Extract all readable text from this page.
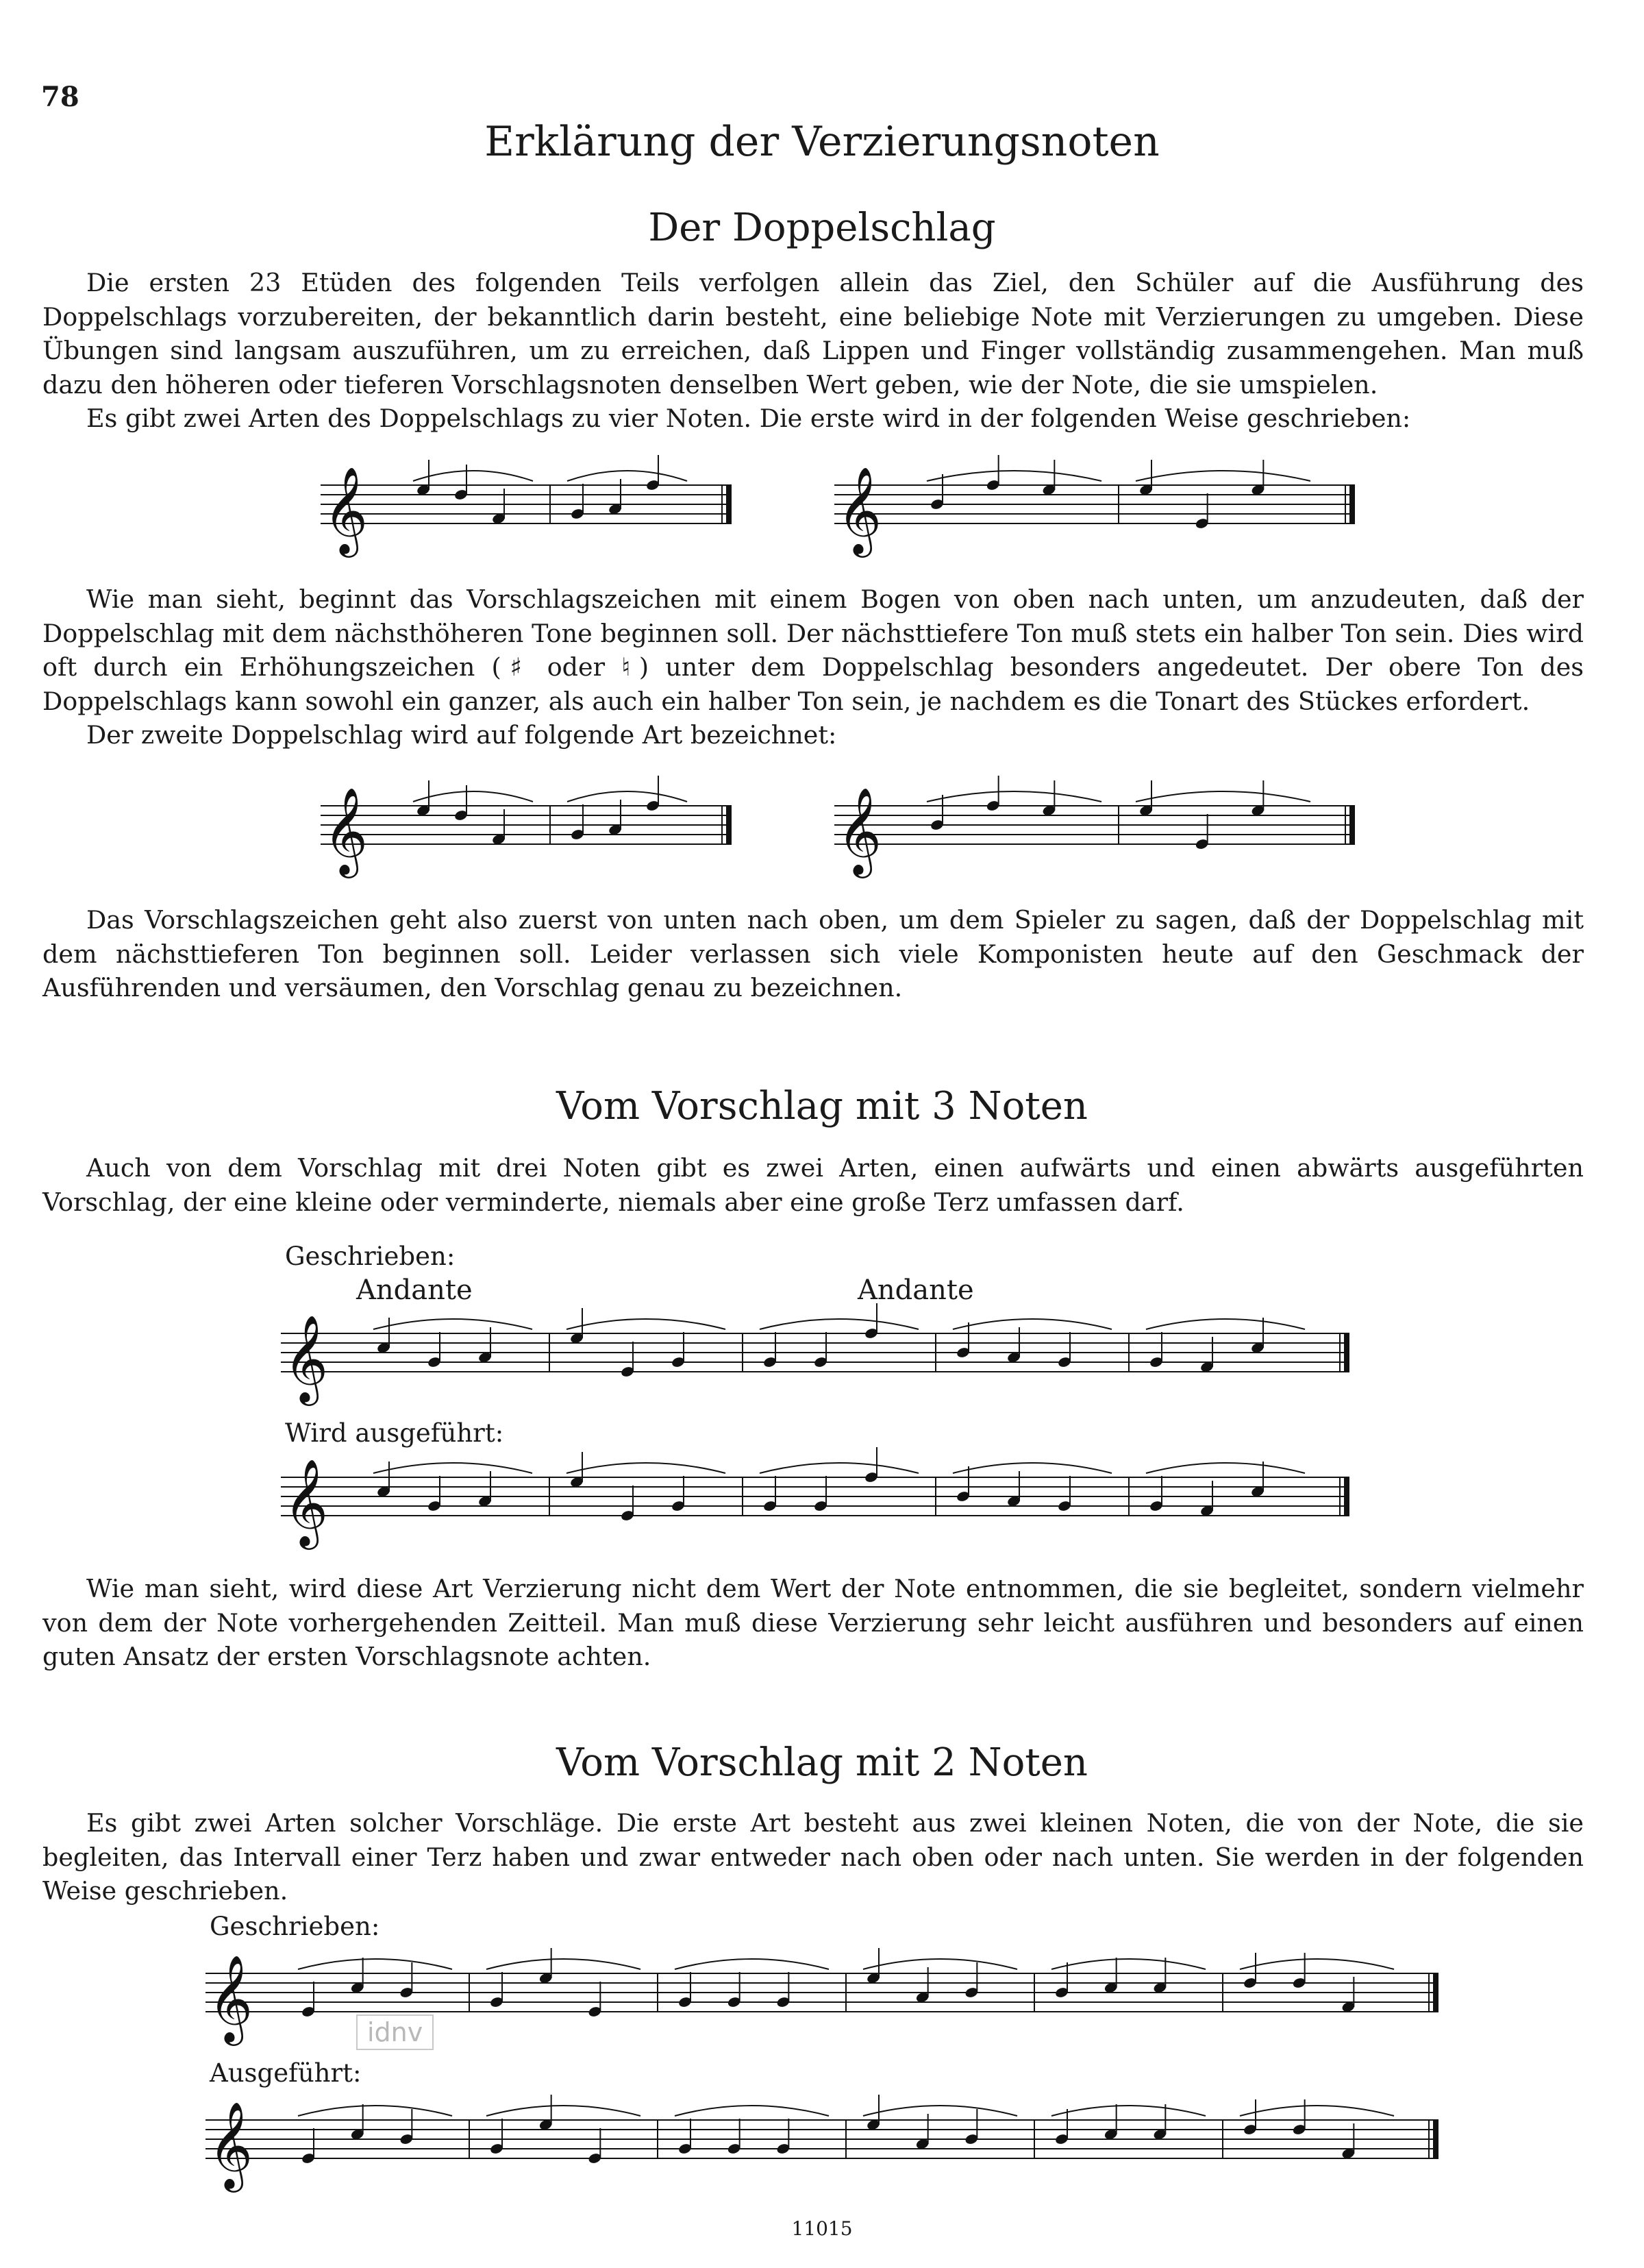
78
Erklärung der Verzierungsnoten
Der Doppelschlag

Die ersten 23 Etüden des folgenden Teils verfolgen allein das Ziel, den Schüler auf die Ausführung des Doppelschlags vorzubereiten, der bekanntlich darin besteht, eine beliebige Note mit Verzierungen zu umgeben. Diese Übungen sind langsam auszuführen, um zu erreichen, daß Lippen und Finger vollständig zusammengehen. Man muß dazu den höheren oder tieferen Vorschlagsnoten denselben Wert geben, wie der Note, die sie umspielen.

Es gibt zwei Arten des Doppelschlags zu vier Noten. Die erste wird in der folgenden Weise geschrieben:

𝄞	𝄞

Wie man sieht, beginnt das Vorschlagszeichen mit einem Bogen von oben nach unten, um anzudeuten, daß der Doppelschlag mit dem nächsthöheren Tone beginnen soll. Der nächsttiefere Ton muß stets ein halber Ton sein. Dies wird oft durch ein Erhöhungszeichen (♯ oder ♮) unter dem Doppelschlag besonders angedeutet. Der obere Ton des Doppelschlags kann sowohl ein ganzer, als auch ein halber Ton sein, je nachdem es die Tonart des Stückes erfordert.

Der zweite Doppelschlag wird auf folgende Art bezeichnet:

𝄞	𝄞

Das Vorschlagszeichen geht also zuerst von unten nach oben, um dem Spieler zu sagen, daß der Doppelschlag mit dem nächsttieferen Ton beginnen soll. Leider verlassen sich viele Komponisten heute auf den Geschmack der Ausführenden und versäumen, den Vorschlag genau zu bezeichnen.

Vom Vorschlag mit 3 Noten

Auch von dem Vorschlag mit drei Noten gibt es zwei Arten, einen aufwärts und einen abwärts ausgeführten Vorschlag, der eine kleine oder verminderte, niemals aber eine große Terz umfassen darf.

Geschrieben:
Andante	Andante
𝄞
Wird ausgeführt:
𝄞

Wie man sieht, wird diese Art Verzierung nicht dem Wert der Note entnommen, die sie begleitet, sondern vielmehr von dem der Note vorhergehenden Zeitteil. Man muß diese Verzierung sehr leicht ausführen und besonders auf einen guten Ansatz der ersten Vorschlagsnote achten.

Vom Vorschlag mit 2 Noten

Es gibt zwei Arten solcher Vorschläge. Die erste Art besteht aus zwei kleinen Noten, die von der Note, die sie begleiten, das Intervall einer Terz haben und zwar entweder nach oben oder nach unten. Sie werden in der folgenden Weise geschrieben.

Geschrieben:
𝄞
Ausgeführt:
𝄞
idnv
11015
